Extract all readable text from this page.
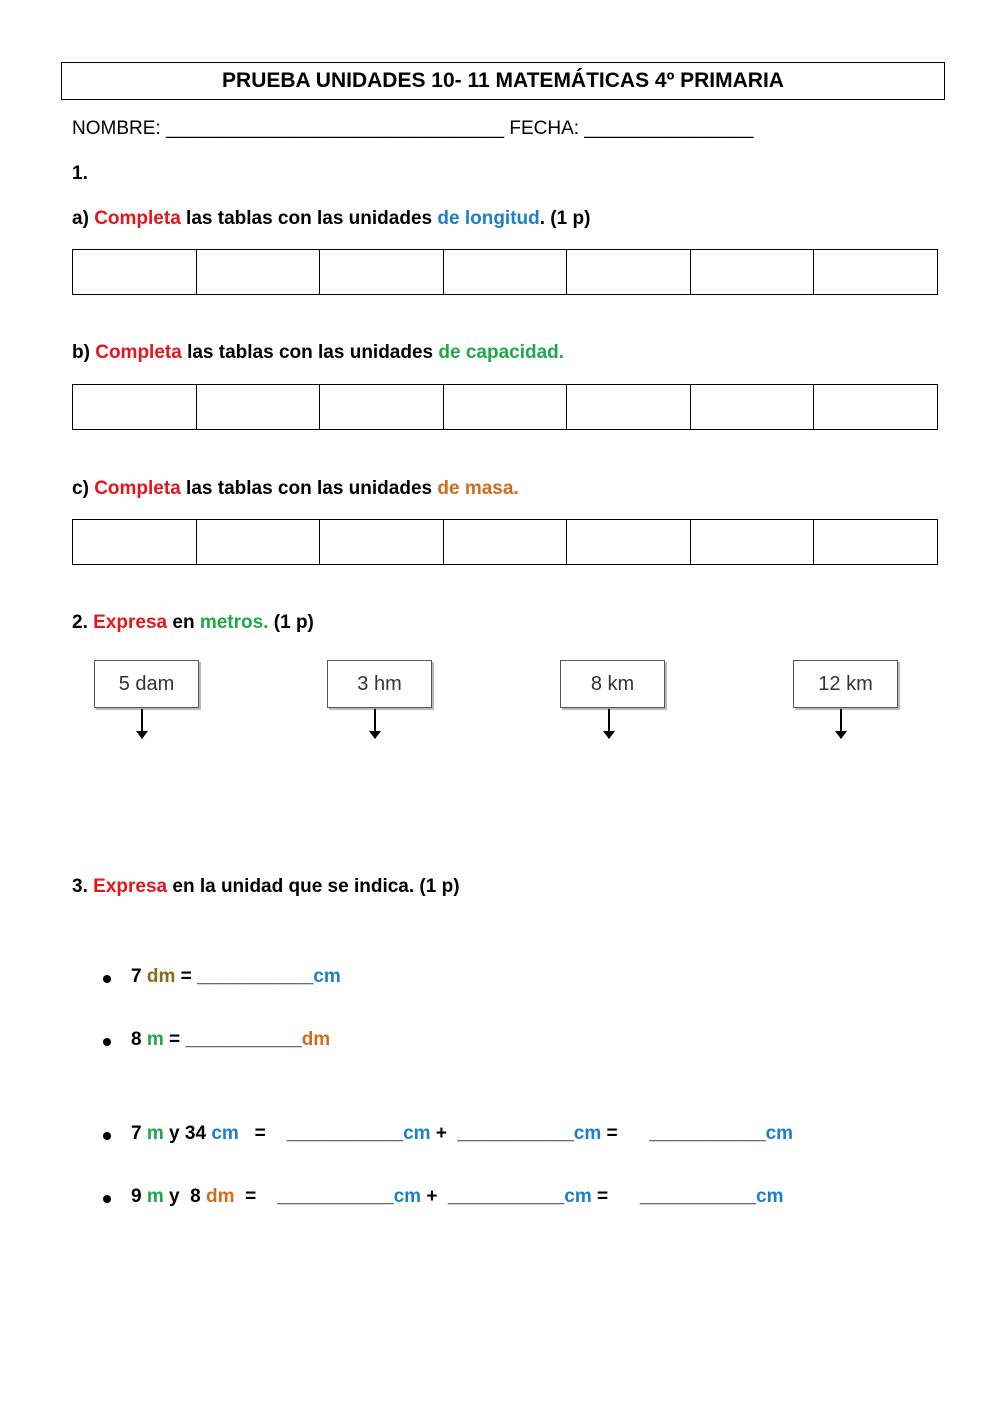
PRUEBA UNIDADES 10- 11 MATEMÁTICAS 4º PRIMARIA
NOMBRE: ________________________________ FECHA: ________________
1.
a) Completa las tablas con las unidades de longitud. (1 p)

b) Completa las tablas con las unidades de capacidad.

c) Completa las tablas con las unidades de masa.

2. Expresa en metros. (1 p)
5 dam	3 hm	8 km	12 km
3. Expresa en la unidad que se indica. (1 p)
7 dm = ___________cm
8 m = ___________dm
7 m y 34 cm = ___________cm + ___________cm = ___________cm
9 m y  8 dm = ___________cm + ___________cm = ___________cm
